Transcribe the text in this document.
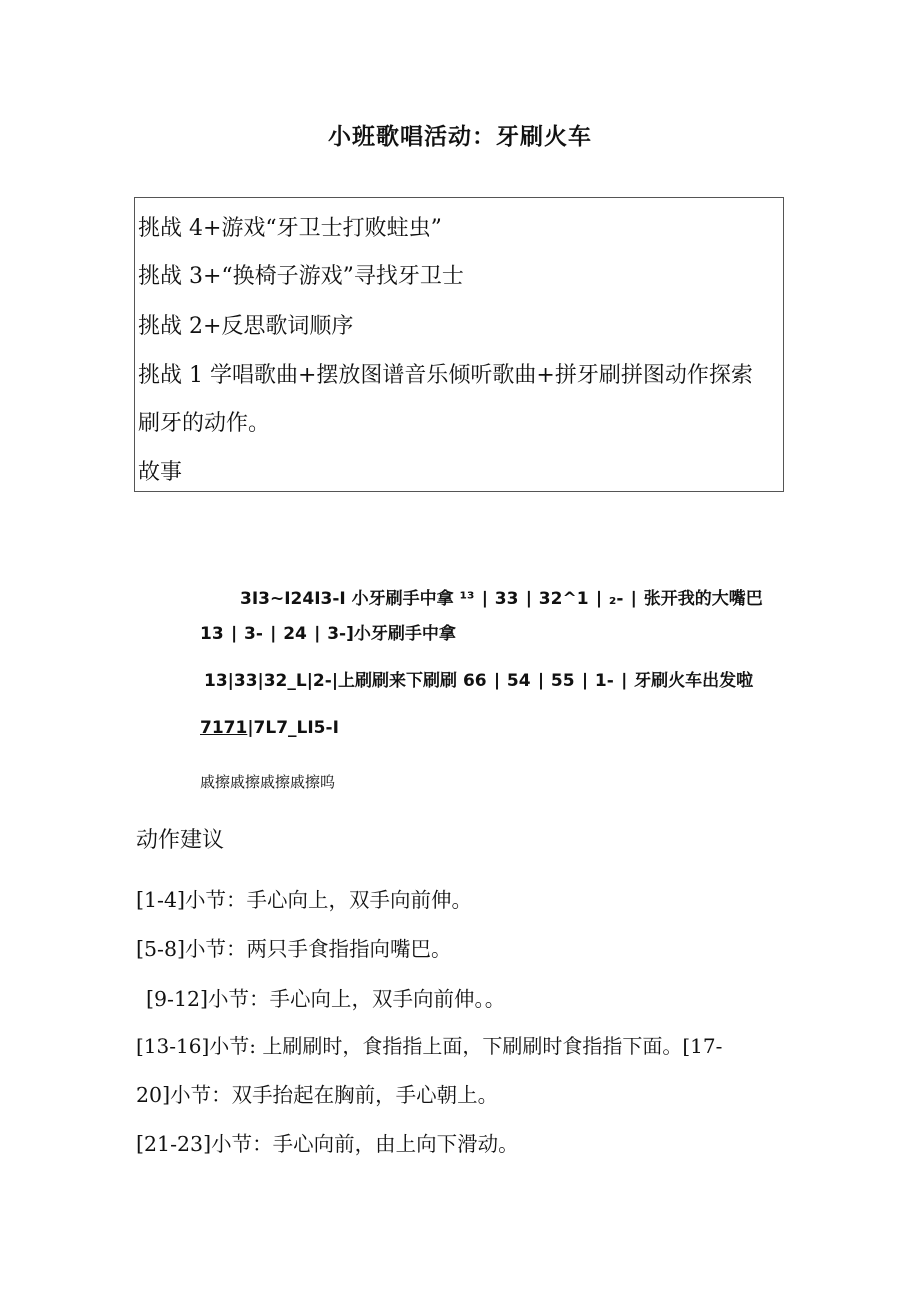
小班歌唱活动：牙刷火车
挑战 4+游戏“牙卫士打败蛀虫”
挑战 3+“换椅子游戏”寻找牙卫士
挑战 2+反思歌词顺序
挑战 1 学唱歌曲+摆放图谱音乐倾听歌曲+拼牙刷拼图动作探索
刷牙的动作。
故事
3I3~I24I3-I 小牙刷手中拿 ¹³ ∣ 33 ∣ 32^1 ∣ ₂- ∣ 张开我的大嘴巴
13 ∣ 3- ∣ 24 ∣ 3-]小牙刷手中拿
13|33|32_L|2-|上刷刷来下刷刷 66 ∣ 54 ∣ 55 ∣ 1- ∣ 牙刷火车出发啦
7171|7L7_LI5-I
戚擦戚擦戚擦戚擦呜
动作建议
[1-4]小节：手心向上，双手向前伸。
[5-8]小节：两只手食指指向嘴巴。
[9-12]小节：手心向上，双手向前伸。。
[13-16]小节: 上刷刷时，食指指上面，下刷刷时食指指下面。[17-
20]小节：双手抬起在胸前，手心朝上。
[21-23]小节：手心向前，由上向下滑动。
